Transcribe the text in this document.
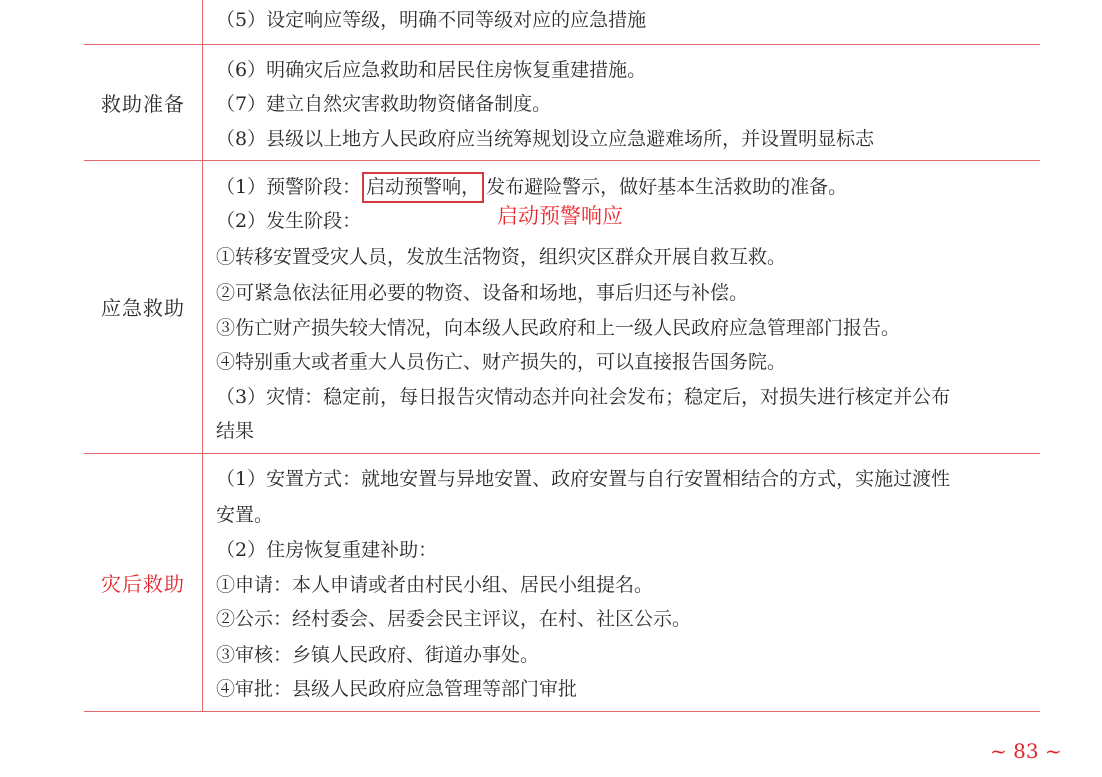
（5）设定响应等级，明确不同等级对应的应急措施
救助准备
（6）明确灾后应急救助和居民住房恢复重建措施。
（7）建立自然灾害救助物资储备制度。
（8）县级以上地方人民政府应当统筹规划设立应急避难场所，并设置明显标志
应急救助
（1）预警阶段： 启动预警响， 发布避险警示，做好基本生活救助的准备。
启动预警响应
（2）发生阶段：
①转移安置受灾人员，发放生活物资，组织灾区群众开展自救互救。
②可紧急依法征用必要的物资、设备和场地，事后归还与补偿。
③伤亡财产损失较大情况，向本级人民政府和上一级人民政府应急管理部门报告。
④特别重大或者重大人员伤亡、财产损失的，可以直接报告国务院。
（3）灾情：稳定前，每日报告灾情动态并向社会发布；稳定后，对损失进行核定并公布
结果
灾后救助
（1）安置方式：就地安置与异地安置、政府安置与自行安置相结合的方式，实施过渡性
安置。
（2）住房恢复重建补助：
①申请：本人申请或者由村民小组、居民小组提名。
②公示：经村委会、居委会民主评议，在村、社区公示。
③审核：乡镇人民政府、街道办事处。
④审批：县级人民政府应急管理等部门审批
~ 83 ~
